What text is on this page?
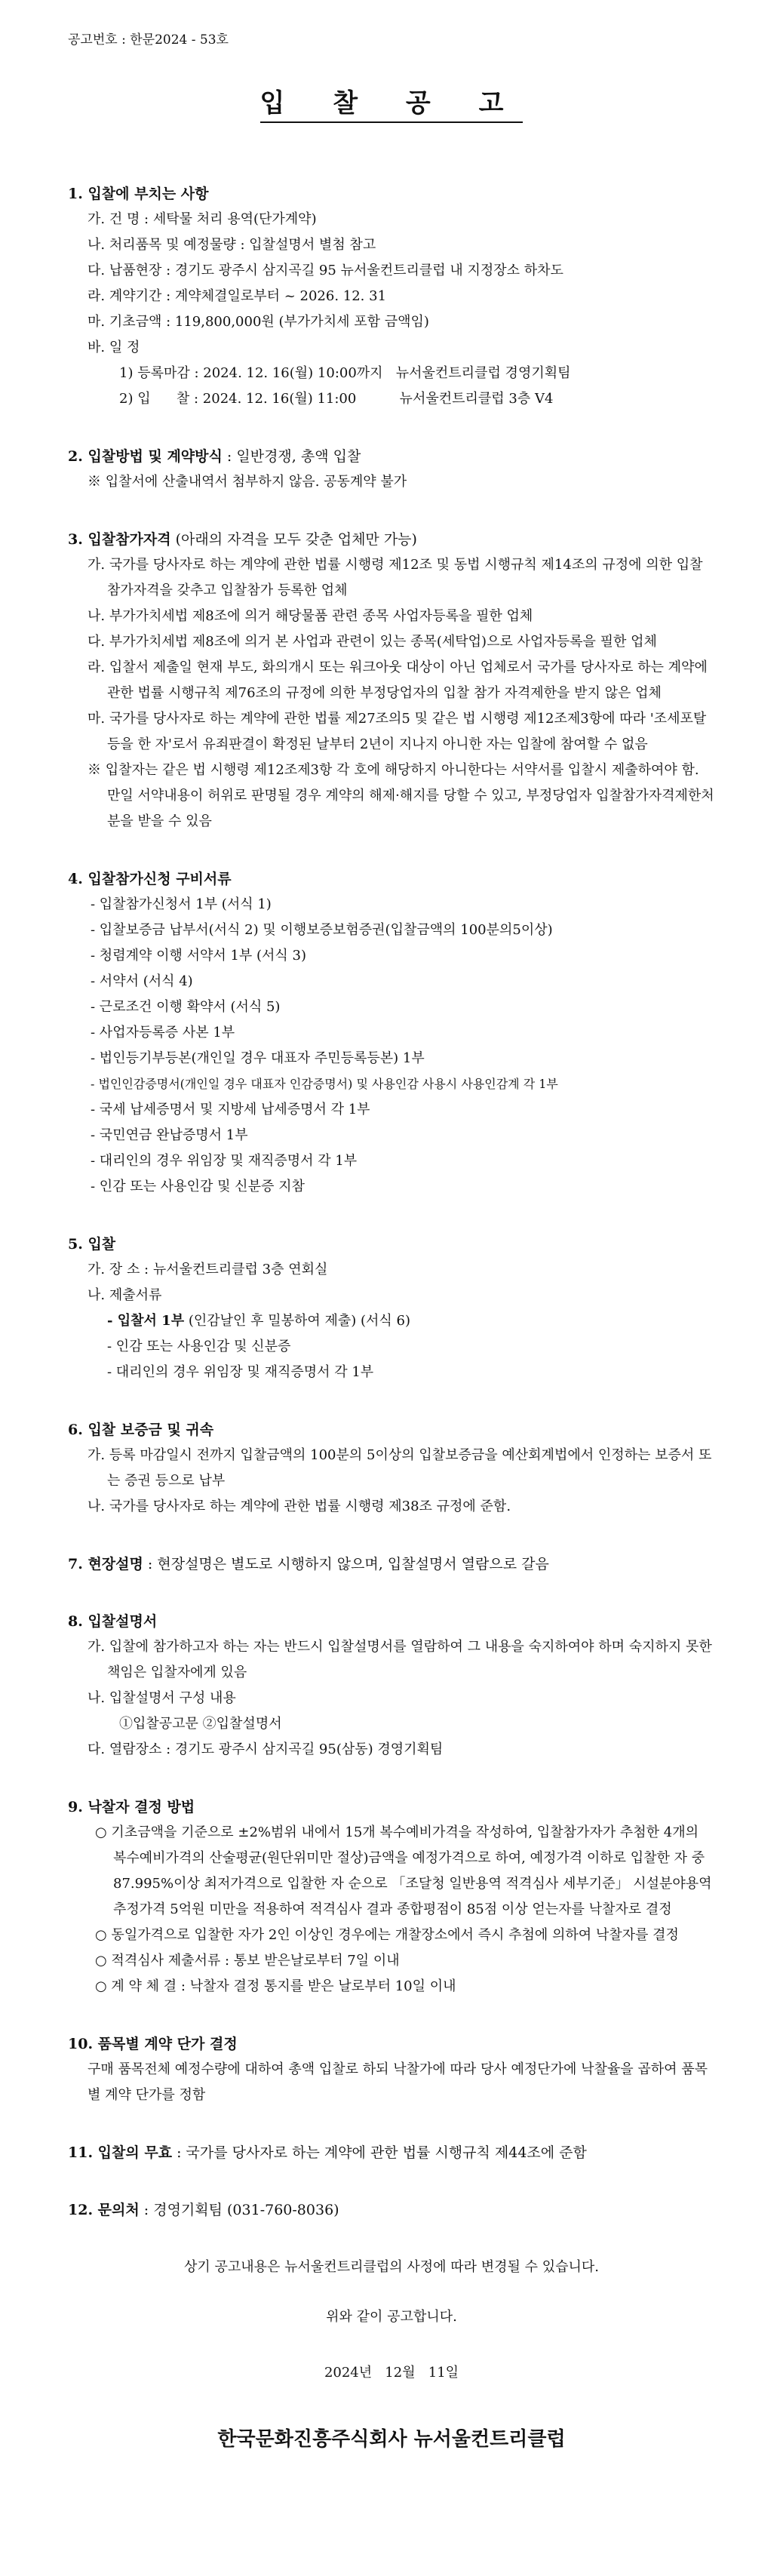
공고번호 : 한문2024 - 53호
입 찰 공 고
1. 입찰에 부치는 사항
가. 건 명 : 세탁물 처리 용역(단가계약)
나. 처리품목 및 예정물량 : 입찰설명서 별첨 참고
다. 납품현장 : 경기도 광주시 삼지곡길 95 뉴서울컨트리클럽 내 지정장소 하차도
라. 계약기간 : 계약체결일로부터 ~ 2026. 12. 31
마. 기초금액 : 119,800,000원 (부가가치세 포함 금액임)
바. 일 정
1) 등록마감 : 2024. 12. 16(월) 10:00까지   뉴서울컨트리클럽 경영기획팀
2) 입      찰 : 2024. 12. 16(월) 11:00          뉴서울컨트리클럽 3층 V4
2. 입찰방법 및 계약방식 : 일반경쟁, 총액 입찰
※ 입찰서에 산출내역서 첨부하지 않음. 공동계약 불가
3. 입찰참가자격 (아래의 자격을 모두 갖춘 업체만 가능)
가. 국가를 당사자로 하는 계약에 관한 법률 시행령 제12조 및 동법 시행규칙 제14조의 규정에 의한 입찰참가자격을 갖추고 입찰참가 등록한 업체
나. 부가가치세법 제8조에 의거 해당물품 관련 종목 사업자등록을 필한 업체
다. 부가가치세법 제8조에 의거 본 사업과 관련이 있는 종목(세탁업)으로 사업자등록을 필한 업체
라. 입찰서 제출일 현재 부도, 화의개시 또는 워크아웃 대상이 아닌 업체로서 국가를 당사자로 하는 계약에 관한 법률 시행규칙 제76조의 규정에 의한 부정당업자의 입찰 참가 자격제한을 받지 않은 업체
마. 국가를 당사자로 하는 계약에 관한 법률 제27조의5 및 같은 법 시행령 제12조제3항에 따라 '조세포탈 등을 한 자'로서 유죄판결이 확정된 날부터 2년이 지나지 아니한 자는 입찰에 참여할 수 없음
※ 입찰자는 같은 법 시행령 제12조제3항 각 호에 해당하지 아니한다는 서약서를 입찰시 제출하여야 함. 만일 서약내용이 허위로 판명될 경우 계약의 해제·해지를 당할 수 있고, 부정당업자 입찰참가자격제한처분을 받을 수 있음
4. 입찰참가신청 구비서류
- 입찰참가신청서 1부 (서식 1)
- 입찰보증금 납부서(서식 2) 및 이행보증보험증권(입찰금액의 100분의5이상)
- 청렴계약 이행 서약서 1부 (서식 3)
- 서약서 (서식 4)
- 근로조건 이행 확약서 (서식 5)
- 사업자등록증 사본 1부
- 법인등기부등본(개인일 경우 대표자 주민등록등본) 1부
- 법인인감증명서(개인일 경우 대표자 인감증명서) 및 사용인감 사용시 사용인감계 각 1부
- 국세 납세증명서 및 지방세 납세증명서 각 1부
- 국민연금 완납증명서 1부
- 대리인의 경우 위임장 및 재직증명서 각 1부
- 인감 또는 사용인감 및 신분증 지참
5. 입찰
가. 장 소 : 뉴서울컨트리클럽 3층 연회실
나. 제출서류
- 입찰서 1부 (인감날인 후 밀봉하여 제출) (서식 6)
- 인감 또는 사용인감 및 신분증
- 대리인의 경우 위임장 및 재직증명서 각 1부
6. 입찰 보증금 및 귀속
가. 등록 마감일시 전까지 입찰금액의 100분의 5이상의 입찰보증금을 예산회계법에서 인정하는 보증서 또는 증권 등으로 납부
나. 국가를 당사자로 하는 계약에 관한 법률 시행령 제38조 규정에 준함.
7. 현장설명 : 현장설명은 별도로 시행하지 않으며, 입찰설명서 열람으로 갈음
8. 입찰설명서
가. 입찰에 참가하고자 하는 자는 반드시 입찰설명서를 열람하여 그 내용을 숙지하여야 하며 숙지하지 못한 책임은 입찰자에게 있음
나. 입찰설명서 구성 내용
①입찰공고문 ②입찰설명서
다. 열람장소 : 경기도 광주시 삼지곡길 95(삼동) 경영기획팀
9. 낙찰자 결정 방법
○ 기초금액을 기준으로 ±2%범위 내에서 15개 복수예비가격을 작성하여, 입찰참가자가 추첨한 4개의 복수예비가격의 산술평균(원단위미만 절상)금액을 예정가격으로 하여, 예정가격 이하로 입찰한 자 중 87.995%이상 최저가격으로 입찰한 자 순으로 「조달청 일반용역 적격심사 세부기준」 시설분야용역 추정가격 5억원 미만을 적용하여 적격심사 결과 종합평점이 85점 이상 얻는자를 낙찰자로 결정
○ 동일가격으로 입찰한 자가 2인 이상인 경우에는 개찰장소에서 즉시 추첨에 의하여 낙찰자를 결정
○ 적격심사 제출서류 : 통보 받은날로부터 7일 이내
○ 계 약 체 결 : 낙찰자 결정 통지를 받은 날로부터 10일 이내
10. 품목별 계약 단가 결정
구매 품목전체 예정수량에 대하여 총액 입찰로 하되 낙찰가에 따라 당사 예정단가에 낙찰율을 곱하여 품목별 계약 단가를 정함
11. 입찰의 무효 : 국가를 당사자로 하는 계약에 관한 법률 시행규칙 제44조에 준함
12. 문의처 : 경영기획팀 (031-760-8036)
상기 공고내용은 뉴서울컨트리클럽의 사정에 따라 변경될 수 있습니다.
위와 같이 공고합니다.
2024년   12월   11일
한국문화진흥주식회사 뉴서울컨트리클럽
